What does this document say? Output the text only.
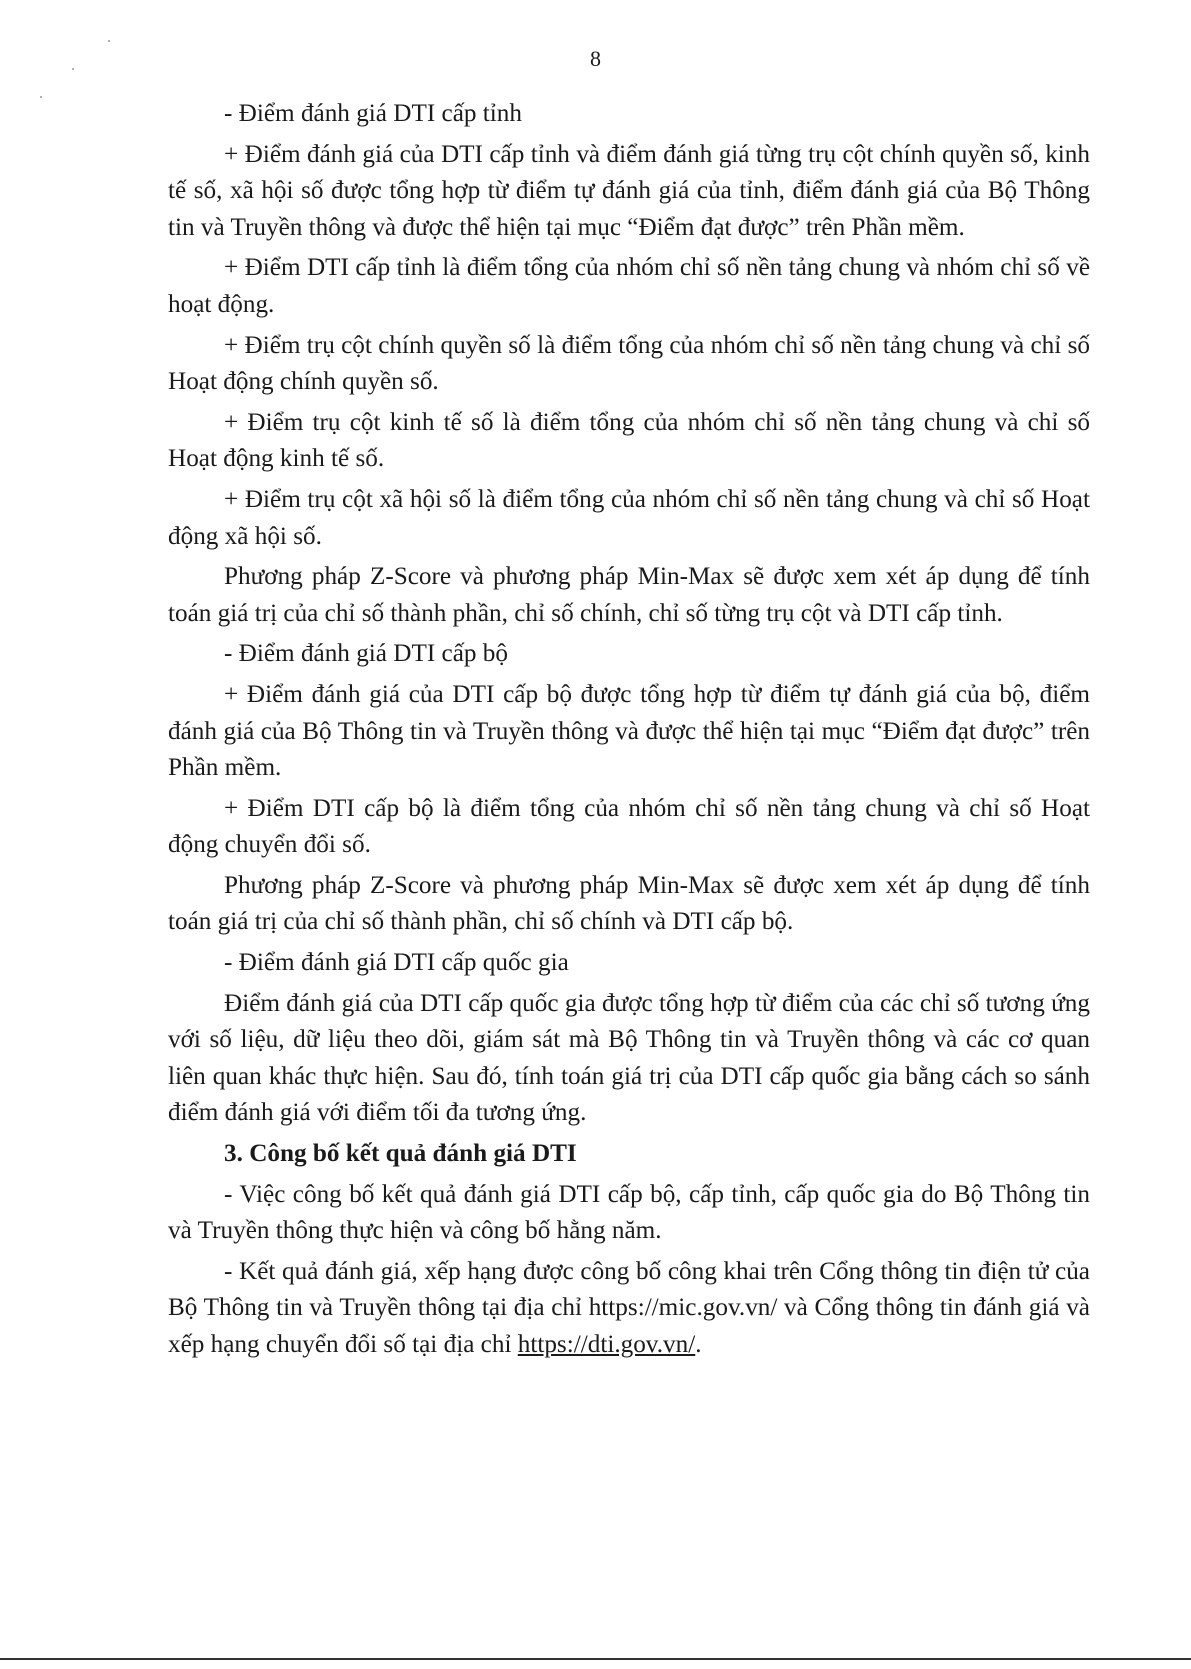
8

- Điểm đánh giá DTI cấp tỉnh

+ Điểm đánh giá của DTI cấp tỉnh và điểm đánh giá từng trụ cột chính quyền số, kinh tế số, xã hội số được tổng hợp từ điểm tự đánh giá của tỉnh, điểm đánh giá của Bộ Thông tin và Truyền thông và được thể hiện tại mục “Điểm đạt được” trên Phần mềm.

+ Điểm DTI cấp tỉnh là điểm tổng của nhóm chỉ số nền tảng chung và nhóm chỉ số về hoạt động.

+ Điểm trụ cột chính quyền số là điểm tổng của nhóm chỉ số nền tảng chung và chỉ số Hoạt động chính quyền số.

+ Điểm trụ cột kinh tế số là điểm tổng của nhóm chỉ số nền tảng chung và chỉ số Hoạt động kinh tế số.

+ Điểm trụ cột xã hội số là điểm tổng của nhóm chỉ số nền tảng chung và chỉ số Hoạt động xã hội số.

Phương pháp Z-Score và phương pháp Min-Max sẽ được xem xét áp dụng để tính toán giá trị của chỉ số thành phần, chỉ số chính, chỉ số từng trụ cột và DTI cấp tỉnh.

- Điểm đánh giá DTI cấp bộ

+ Điểm đánh giá của DTI cấp bộ được tổng hợp từ điểm tự đánh giá của bộ, điểm đánh giá của Bộ Thông tin và Truyền thông và được thể hiện tại mục “Điểm đạt được” trên Phần mềm.

+ Điểm DTI cấp bộ là điểm tổng của nhóm chỉ số nền tảng chung và chỉ số Hoạt động chuyển đổi số.

Phương pháp Z-Score và phương pháp Min-Max sẽ được xem xét áp dụng để tính toán giá trị của chỉ số thành phần, chỉ số chính và DTI cấp bộ.

- Điểm đánh giá DTI cấp quốc gia

Điểm đánh giá của DTI cấp quốc gia được tổng hợp từ điểm của các chỉ số tương ứng với số liệu, dữ liệu theo dõi, giám sát mà Bộ Thông tin và Truyền thông và các cơ quan liên quan khác thực hiện. Sau đó, tính toán giá trị của DTI cấp quốc gia bằng cách so sánh điểm đánh giá với điểm tối đa tương ứng.

3. Công bố kết quả đánh giá DTI

- Việc công bố kết quả đánh giá DTI cấp bộ, cấp tỉnh, cấp quốc gia do Bộ Thông tin và Truyền thông thực hiện và công bố hằng năm.

- Kết quả đánh giá, xếp hạng được công bố công khai trên Cổng thông tin điện tử của Bộ Thông tin và Truyền thông tại địa chỉ https://mic.gov.vn/ và Cổng thông tin đánh giá và xếp hạng chuyển đổi số tại địa chỉ https://dti.gov.vn/.
